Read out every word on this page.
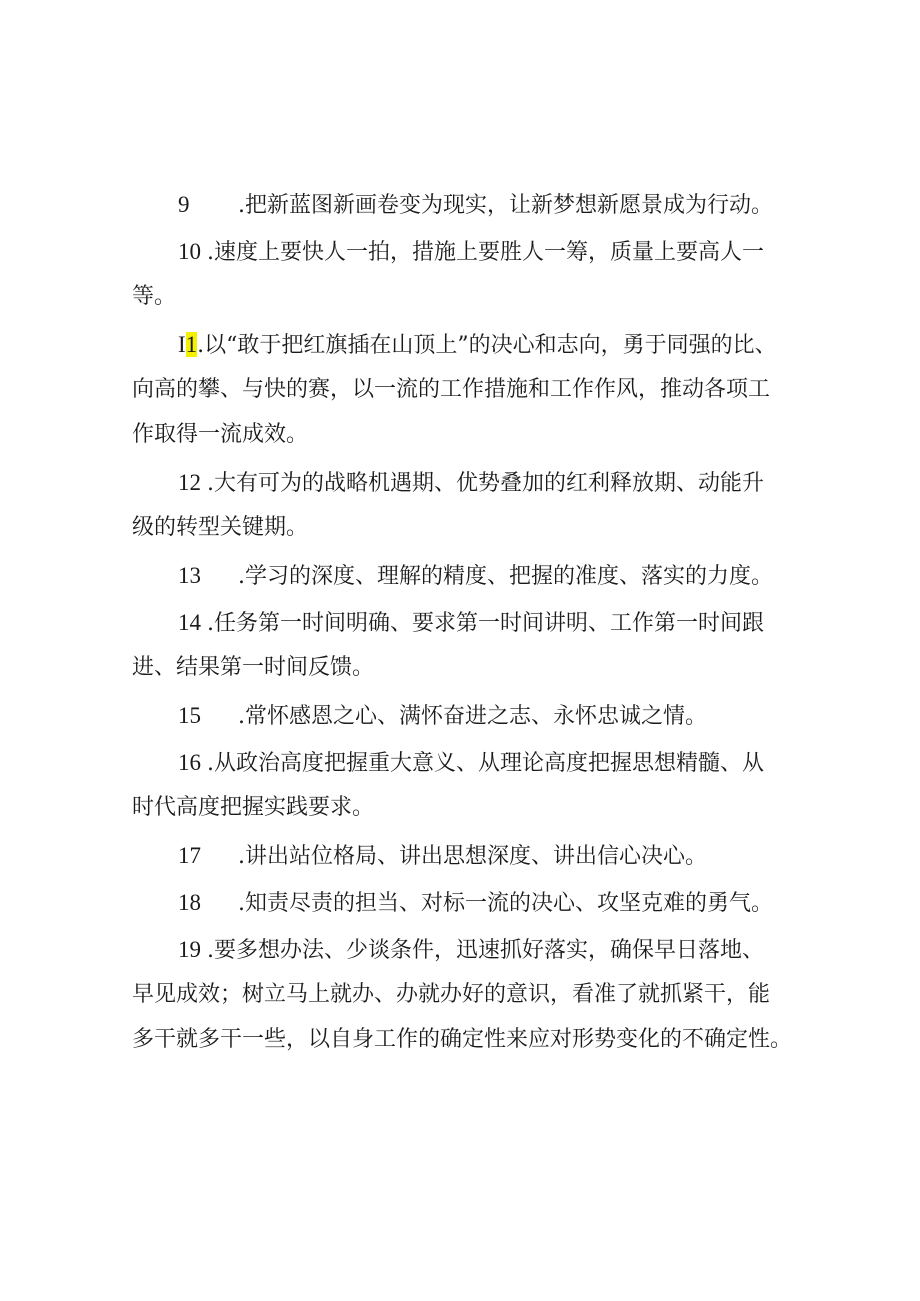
9 .把新蓝图新画卷变为现实，让新梦想新愿景成为行动。
10 .速度上要快人一拍，措施上要胜人一筹，质量上要高人一
等。
I1.以“敢于把红旗插在山顶上”的决心和志向，勇于同强的比、
向高的攀、与快的赛，以一流的工作措施和工作作风，推动各项工
作取得一流成效。
12 .大有可为的战略机遇期、优势叠加的红利释放期、动能升
级的转型关键期。
13 .学习的深度、理解的精度、把握的准度、落实的力度。
14 .任务第一时间明确、要求第一时间讲明、工作第一时间跟
进、结果第一时间反馈。
15 .常怀感恩之心、满怀奋进之志、永怀忠诚之情。
16 .从政治高度把握重大意义、从理论高度把握思想精髓、从
时代高度把握实践要求。
17 .讲出站位格局、讲出思想深度、讲出信心决心。
18 .知责尽责的担当、对标一流的决心、攻坚克难的勇气。
19 .要多想办法、少谈条件，迅速抓好落实，确保早日落地、
早见成效；树立马上就办、办就办好的意识，看准了就抓紧干，能
多干就多干一些，以自身工作的确定性来应对形势变化的不确定性。
